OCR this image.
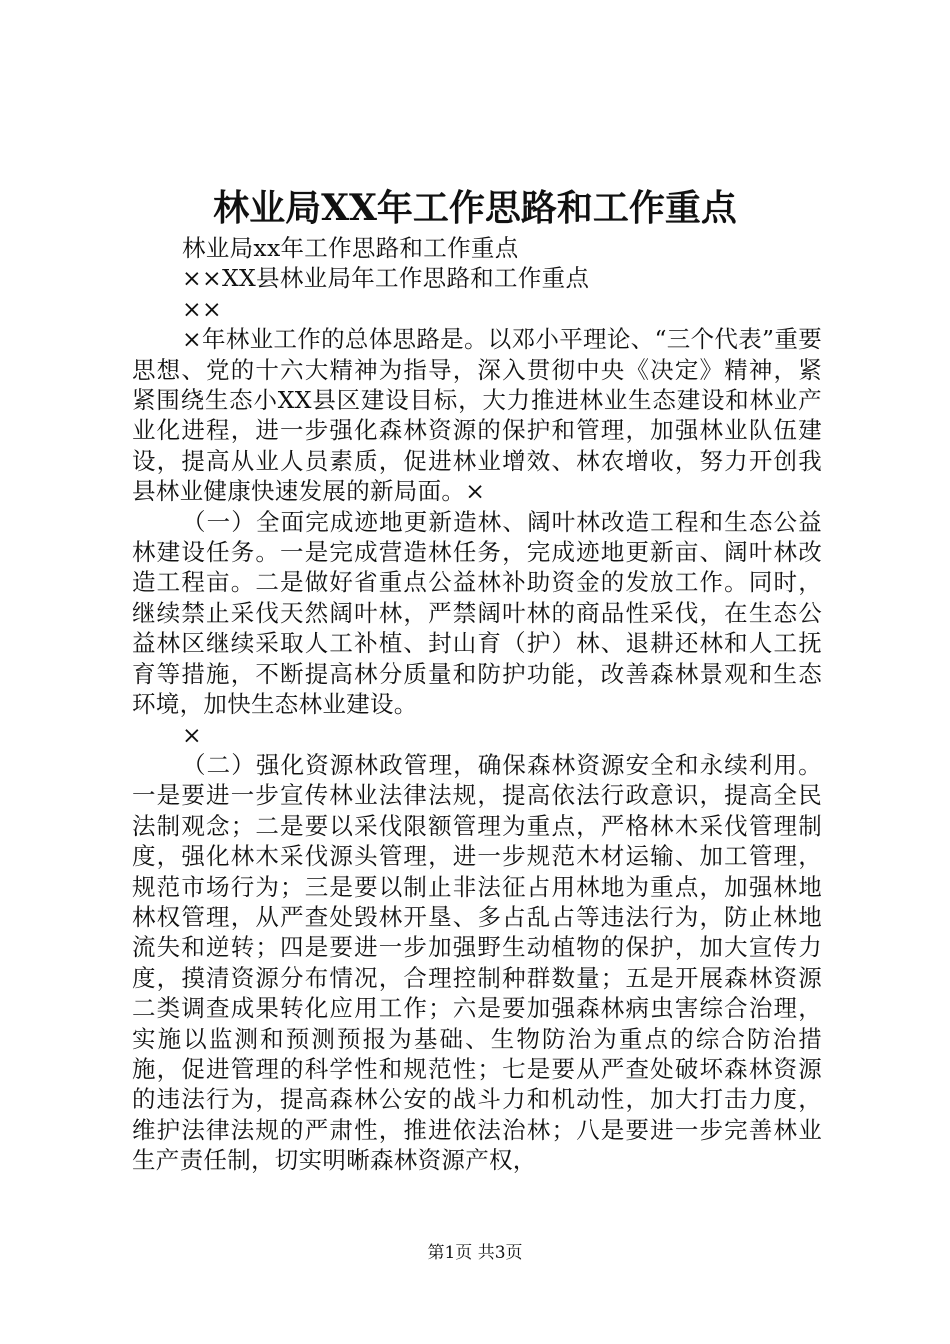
林业局XX年工作思路和工作重点

林业局xx年工作思路和工作重点

××XX县林业局年工作思路和工作重点

××

×年林业工作的总体思路是。以邓小平理论、“三个代表”重要思想、党的十六大精神为指导，深入贯彻中央《决定》精神，紧紧围绕生态小XX县区建设目标，大力推进林业生态建设和林业产业化进程，进一步强化森林资源的保护和管理，加强林业队伍建设，提高从业人员素质，促进林业增效、林农增收，努力开创我县林业健康快速发展的新局面。×

（一）全面完成迹地更新造林、阔叶林改造工程和生态公益林建设任务。一是完成营造林任务，完成迹地更新亩、阔叶林改造工程亩。二是做好省重点公益林补助资金的发放工作。同时，继续禁止采伐天然阔叶林，严禁阔叶林的商品性采伐，在生态公益林区继续采取人工补植、封山育（护）林、退耕还林和人工抚育等措施，不断提高林分质量和防护功能，改善森林景观和生态环境，加快生态林业建设。

×

（二）强化资源林政管理，确保森林资源安全和永续利用。一是要进一步宣传林业法律法规，提高依法行政意识，提高全民法制观念；二是要以采伐限额管理为重点，严格林木采伐管理制度，强化林木采伐源头管理，进一步规范木材运输、加工管理，规范市场行为；三是要以制止非法征占用林地为重点，加强林地林权管理，从严查处毁林开垦、多占乱占等违法行为，防止林地流失和逆转；四是要进一步加强野生动植物的保护，加大宣传力度，摸清资源分布情况，合理控制种群数量；五是开展森林资源二类调查成果转化应用工作；六是要加强森林病虫害综合治理，实施以监测和预测预报为基础、生物防治为重点的综合防治措施，促进管理的科学性和规范性；七是要从严查处破坏森林资源的违法行为，提高森林公安的战斗力和机动性，加大打击力度，维护法律法规的严肃性，推进依法治林；八是要进一步完善林业生产责任制，切实明晰森林资源产权，

第1页 共3页
